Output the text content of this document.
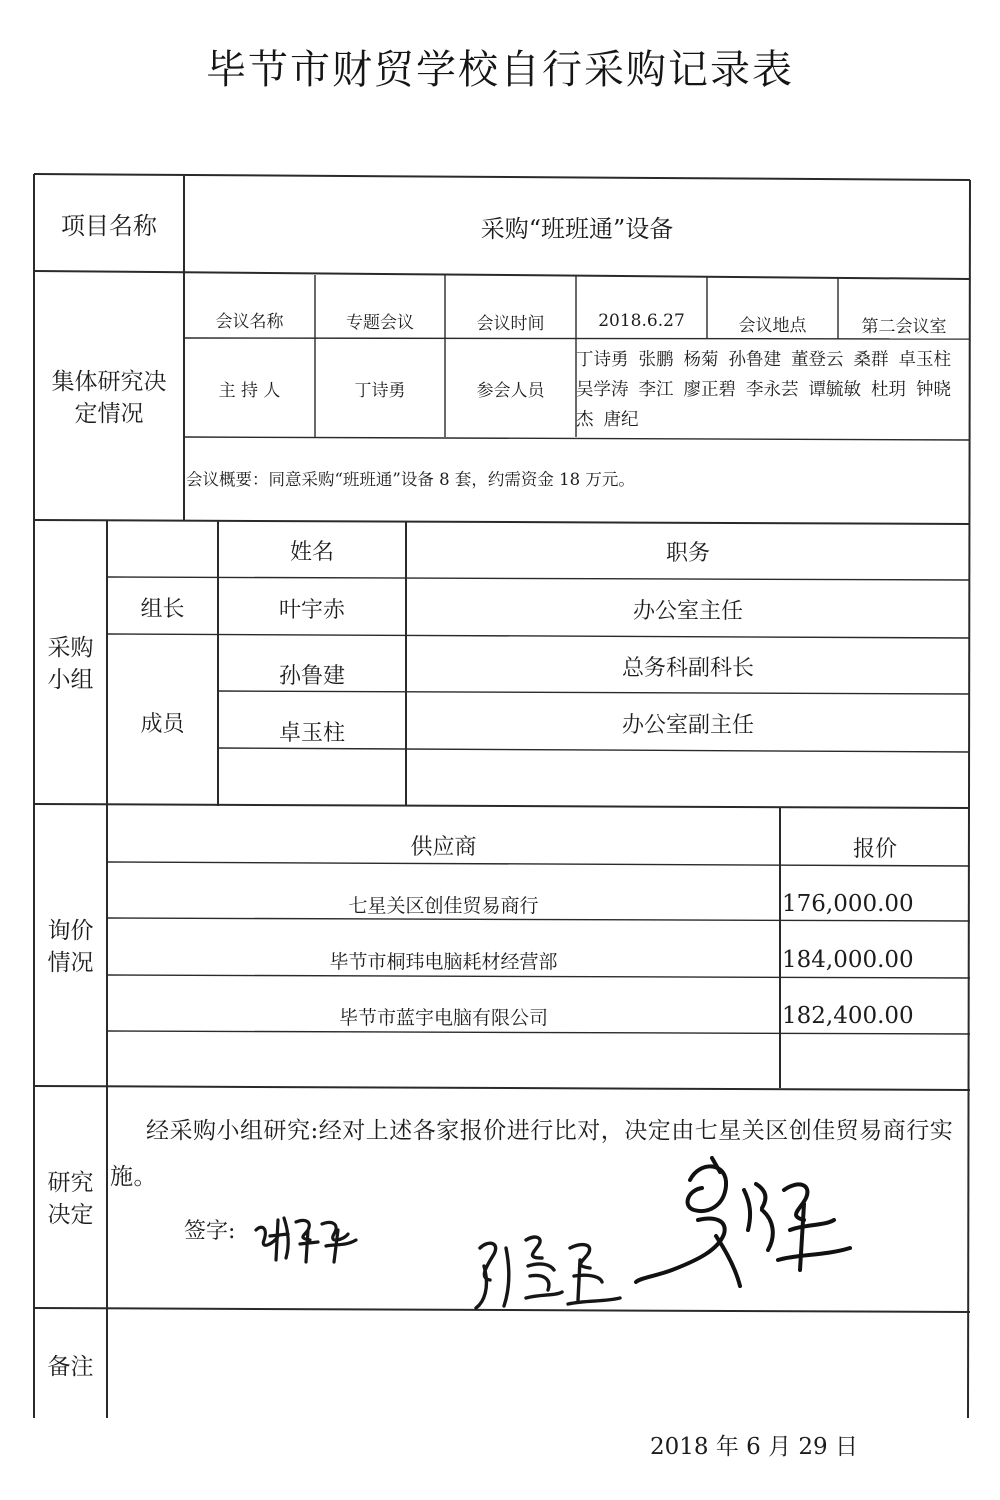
毕节市财贸学校自行采购记录表
项目名称	采购“班班通”设备
集体研究决
定情况
会议名称	专题会议	会议时间	2018.6.27	会议地点	第二会议室
主 持 人	丁诗勇	参会人员
丁诗勇 张鹏 杨菊 孙鲁建 董登云 桑群 卓玉柱吴学涛 李江 廖正碧 李永芸 谭毓敏 杜玥 钟晓杰 唐纪
会议概要：同意采购“班班通”设备 8 套，约需资金 18 万元。
采购
小组
姓名	职务
组长	叶宇赤	办公室主任
成员
孙鲁建	总务科副科长
卓玉柱	办公室副主任
询价
情况
供应商	报价
七星关区创佳贸易商行	176,000.00
毕节市桐玮电脑耗材经营部	184,000.00
毕节市蓝宇电脑有限公司	182,400.00
研究
决定
经采购小组研究:经对上述各家报价进行比对，决定由七星关区创佳贸易商行实施。
签字:
备注
2018 年 6 月 29 日
